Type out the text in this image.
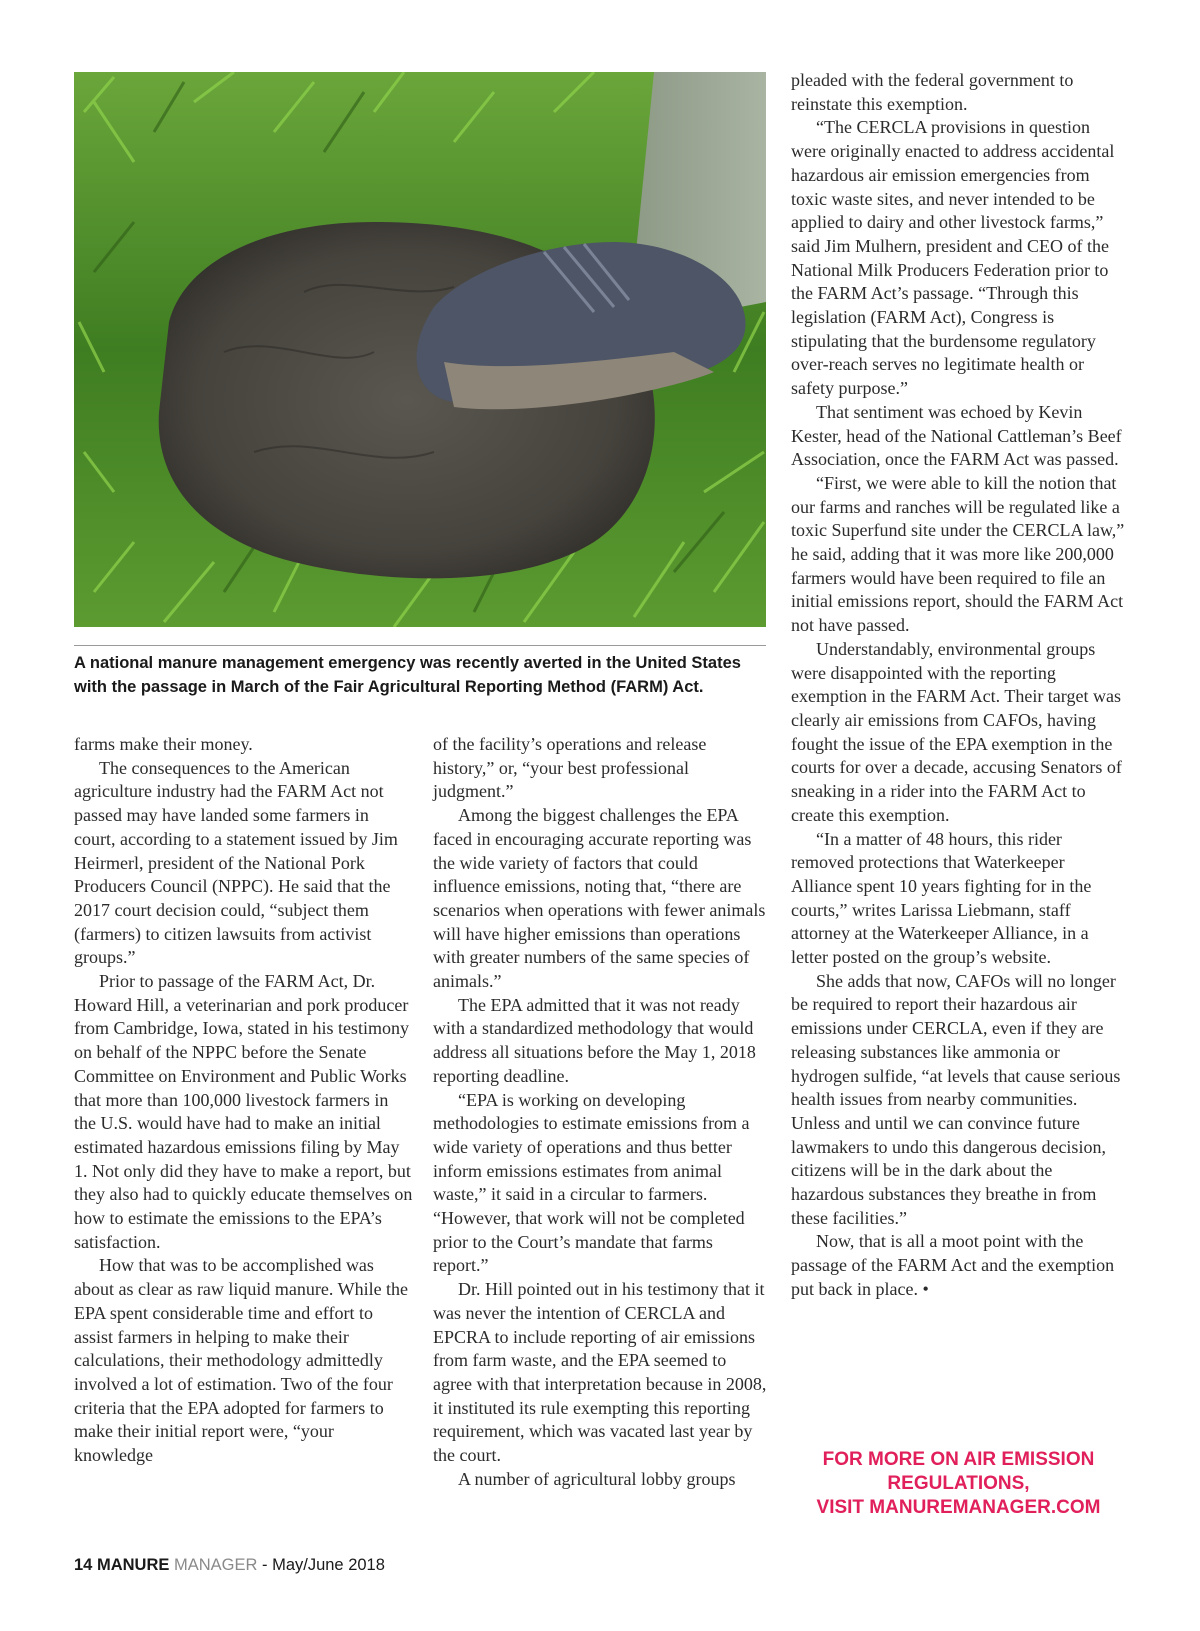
A national manure management emergency was recently averted in the United States with the passage in March of the Fair Agricultural Reporting Method (FARM) Act.

farms make their money.

The consequences to the American agriculture industry had the FARM Act not passed may have landed some farmers in court, according to a statement issued by Jim Heirmerl, president of the National Pork Producers Council (NPPC). He said that the 2017 court decision could, “subject them (farmers) to citizen lawsuits from activist groups.”

Prior to passage of the FARM Act, Dr. Howard Hill, a veterinarian and pork producer from Cambridge, Iowa, stated in his testimony on behalf of the NPPC before the Senate Committee on Environment and Public Works that more than 100,000 livestock farmers in the U.S. would have had to make an initial estimated hazardous emissions filing by May 1. Not only did they have to make a report, but they also had to quickly educate themselves on how to estimate the emissions to the EPA’s satisfaction.

How that was to be accomplished was about as clear as raw liquid manure. While the EPA spent considerable time and effort to assist farmers in helping to make their calculations, their methodology admittedly involved a lot of estimation. Two of the four criteria that the EPA adopted for farmers to make their initial report were, “your knowledge

of the facility’s operations and release history,” or, “your best professional judgment.”

Among the biggest challenges the EPA faced in encouraging accurate reporting was the wide variety of factors that could influence emissions, noting that, “there are scenarios when operations with fewer animals will have higher emissions than operations with greater numbers of the same species of animals.”

The EPA admitted that it was not ready with a standardized methodology that would address all situations before the May 1, 2018 reporting deadline.

“EPA is working on developing methodologies to estimate emissions from a wide variety of operations and thus better inform emissions estimates from animal waste,” it said in a circular to farmers. “However, that work will not be completed prior to the Court’s mandate that farms report.”

Dr. Hill pointed out in his testimony that it was never the intention of CERCLA and EPCRA to include reporting of air emissions from farm waste, and the EPA seemed to agree with that interpretation because in 2008, it instituted its rule exempting this reporting requirement, which was vacated last year by the court.

A number of agricultural lobby groups

pleaded with the federal government to reinstate this exemption.

“The CERCLA provisions in question were originally enacted to address accidental hazardous air emission emergencies from toxic waste sites, and never intended to be applied to dairy and other livestock farms,” said Jim Mulhern, president and CEO of the National Milk Producers Federation prior to the FARM Act’s passage. “Through this legislation (FARM Act), Congress is stipulating that the burdensome regulatory over-reach serves no legitimate health or safety purpose.”

That sentiment was echoed by Kevin Kester, head of the National Cattleman’s Beef Association, once the FARM Act was passed.

“First, we were able to kill the notion that our farms and ranches will be regulated like a toxic Superfund site under the CERCLA law,” he said, adding that it was more like 200,000 farmers would have been required to file an initial emissions report, should the FARM Act not have passed.

Understandably, environmental groups were disappointed with the reporting exemption in the FARM Act. Their target was clearly air emissions from CAFOs, having fought the issue of the EPA exemption in the courts for over a decade, accusing Senators of sneaking in a rider into the FARM Act to create this exemption.

“In a matter of 48 hours, this rider removed protections that Waterkeeper Alliance spent 10 years fighting for in the courts,” writes Larissa Liebmann, staff attorney at the Waterkeeper Alliance, in a letter posted on the group’s website.

She adds that now, CAFOs will no longer be required to report their hazardous air emissions under CERCLA, even if they are releasing substances like ammonia or hydrogen sulfide, “at levels that cause serious health issues from nearby communities. Unless and until we can convince future lawmakers to undo this dangerous decision, citizens will be in the dark about the hazardous substances they breathe in from these facilities.”

Now, that is all a moot point with the passage of the FARM Act and the exemption put back in place. •

FOR MORE ON AIR EMISSION
REGULATIONS,
VISIT MANUREMANAGER.COM
14 MANURE MANAGER - May/June 2018
